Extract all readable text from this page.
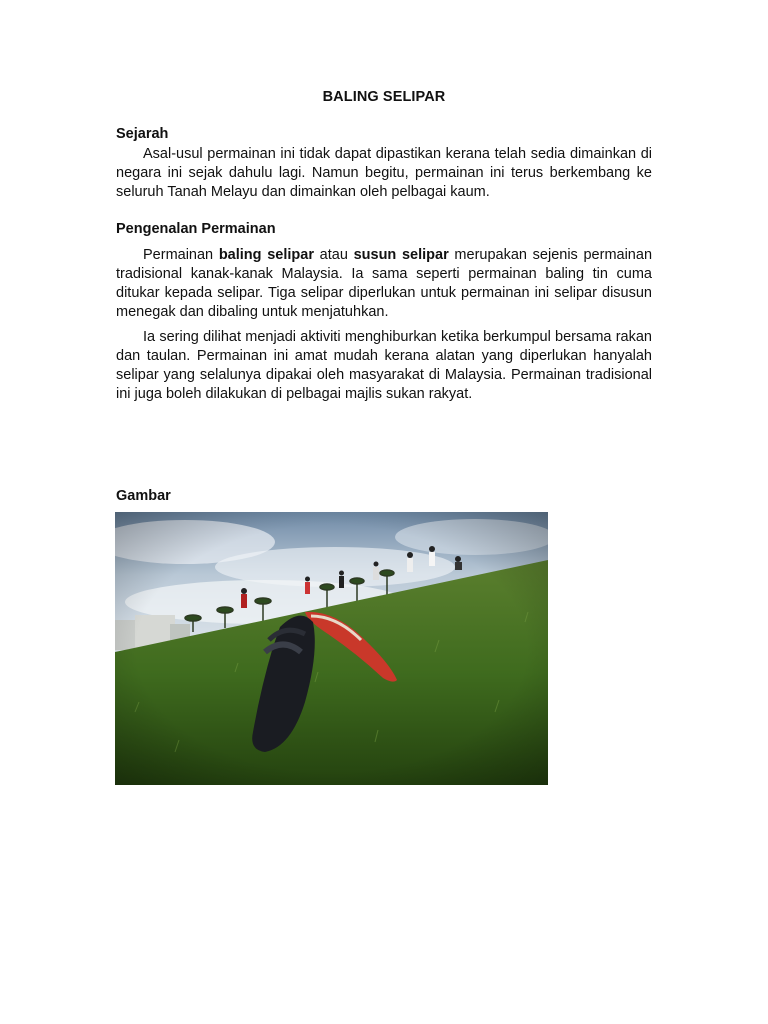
BALING SELIPAR
Sejarah

Asal-usul permainan ini tidak dapat dipastikan kerana telah sedia dimainkan di negara ini sejak dahulu lagi. Namun begitu, permainan ini terus berkembang ke seluruh Tanah Melayu dan dimainkan oleh pelbagai kaum.

Pengenalan Permainan

Permainan baling selipar atau susun selipar merupakan sejenis permainan tradisional kanak-kanak Malaysia. Ia sama seperti permainan baling tin cuma ditukar kepada selipar. Tiga selipar diperlukan untuk permainan ini selipar disusun menegak dan dibaling untuk menjatuhkan.

Ia sering dilihat menjadi aktiviti menghiburkan ketika berkumpul bersama rakan dan taulan. Permainan ini amat mudah kerana alatan yang diperlukan hanyalah selipar yang selalunya dipakai oleh masyarakat di Malaysia. Permainan tradisional ini juga boleh dilakukan di pelbagai majlis sukan rakyat.

Gambar
